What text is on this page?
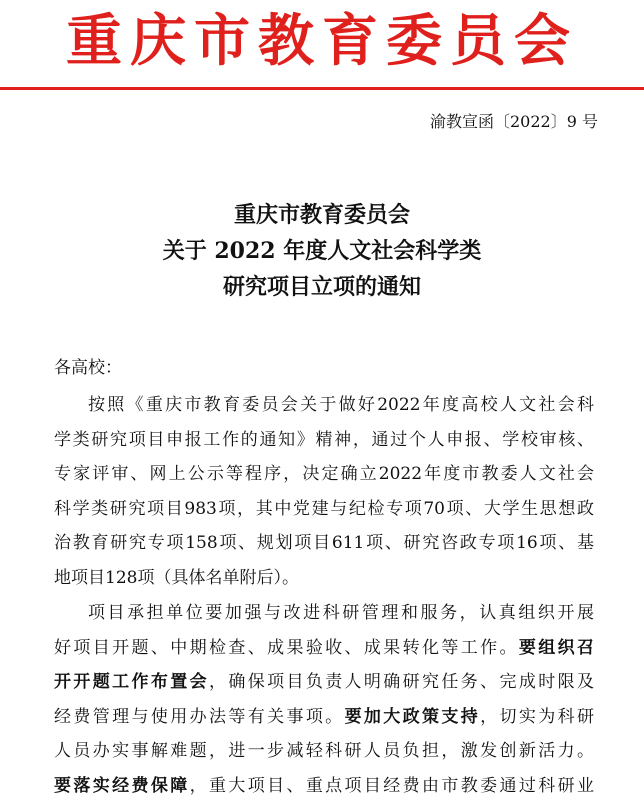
重庆市教育委员会
渝教宣函〔2022〕9 号
重庆市教育委员会
关于 2022 年度人文社会科学类
研究项目立项的通知
各高校：
按照《重庆市教育委员会关于做好2022年度高校人文社会科
学类研究项目申报工作的通知》精神，通过个人申报、学校审核、
专家评审、网上公示等程序，决定确立2022年度市教委人文社会
科学类研究项目983项，其中党建与纪检专项70项、大学生思想政
治教育研究专项158项、规划项目611项、研究咨政专项16项、基
地项目128项（具体名单附后）。
项目承担单位要加强与改进科研管理和服务，认真组织开展
好项目开题、中期检查、成果验收、成果转化等工作。要组织召
开开题工作布置会，确保项目负责人明确研究任务、完成时限及
经费管理与使用办法等有关事项。要加大政策支持，切实为科研
人员办实事解难题，进一步减轻科研人员负担，激发创新活力。
要落实经费保障，重大项目、重点项目经费由市教委通过科研业
